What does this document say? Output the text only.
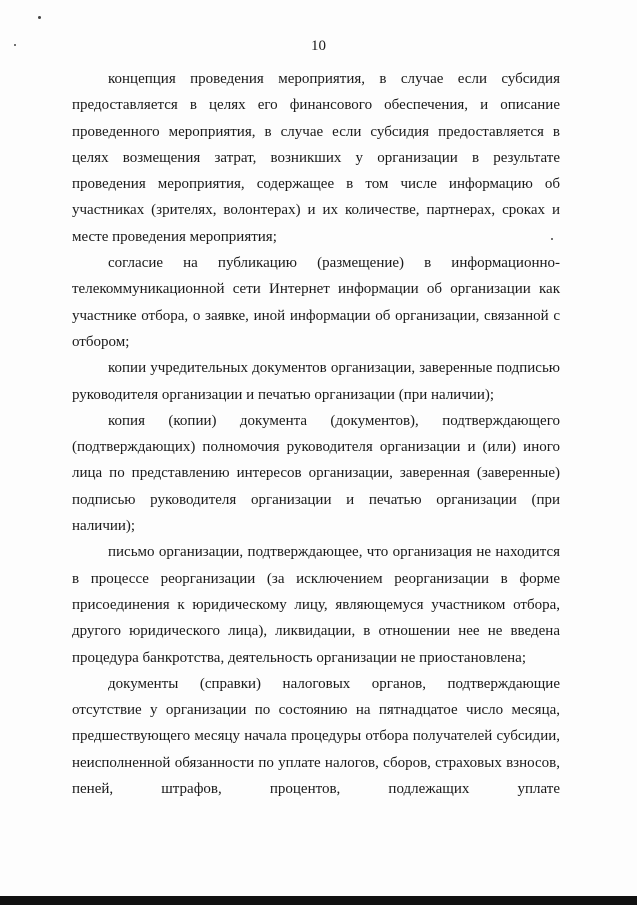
10

концепция проведения мероприятия, в случае если субсидия предоставляется в целях его финансового обеспечения, и описание проведенного мероприятия, в случае если субсидия предоставляется в целях возмещения затрат, возникших у организации в результате проведения мероприятия, содержащее в том числе информацию об участниках (зрителях, волонтерах) и их количестве, партнерах, сроках и месте проведения мероприятия;

согласие на публикацию (размещение) в информационно-телекоммуникационной сети Интернет информации об организации как участнике отбора, о заявке, иной информации об организации, связанной с отбором;

копии учредительных документов организации, заверенные подписью руководителя организации и печатью организации (при наличии);

копия (копии) документа (документов), подтверждающего (подтверждающих) полномочия руководителя организации и (или) иного лица по представлению интересов организации, заверенная (заверенные) подписью руководителя организации и печатью организации (при наличии);

письмо организации, подтверждающее, что организация не находится в процессе реорганизации (за исключением реорганизации в форме присоединения к юридическому лицу, являющемуся участником отбора, другого юридического лица), ликвидации, в отношении нее не введена процедура банкротства, деятельность организации не приостановлена;

документы (справки) налоговых органов, подтверждающие отсутствие у организации по состоянию на пятнадцатое число месяца, предшествующего месяцу начала процедуры отбора получателей субсидии, неисполненной обязанности по уплате налогов, сборов, страховых взносов, пеней, штрафов, процентов, подлежащих уплате
